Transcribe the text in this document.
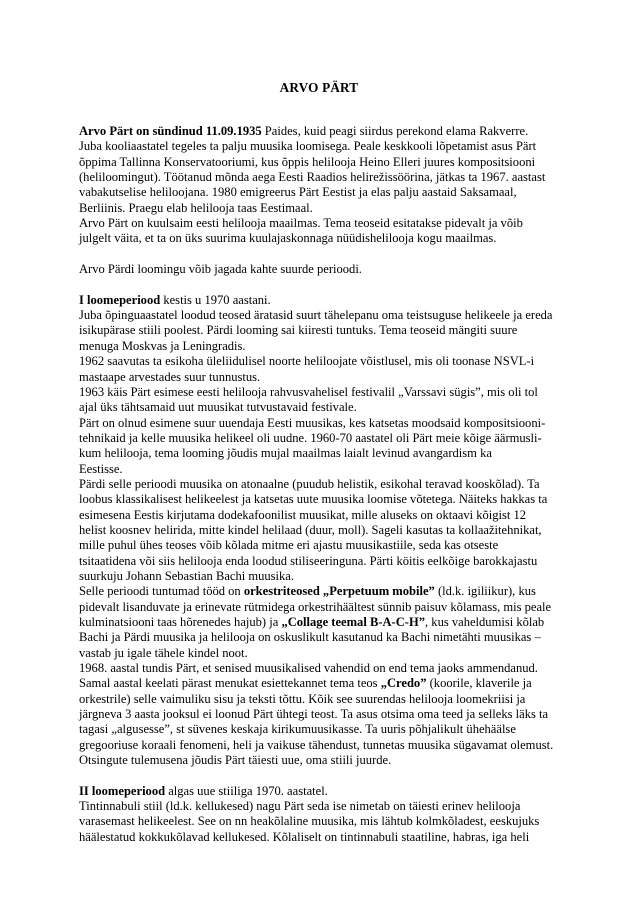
ARVO PÄRT
Arvo Pärt on sündinud 11.09.1935 Paides, kuid peagi siirdus perekond elama Rakverre.
Juba kooliaastatel tegeles ta palju muusika loomisega. Peale keskkooli lõpetamist asus Pärt
õppima Tallinna Konservatooriumi, kus õppis helilooja Heino Elleri juures kompositsiooni
(heliloomingut). Töötanud mõnda aega Eesti Raadios helirežissöörina, jätkas ta 1967. aastast
vabakutselise heliloojana. 1980 emigreerus Pärt Eestist ja elas palju aastaid Saksamaal,
Berliinis. Praegu elab helilooja taas Eestimaal.
Arvo Pärt on kuulsaim eesti helilooja maailmas. Tema teoseid esitatakse pidevalt ja võib
julgelt väita, et ta on üks suurima kuulajaskonnaga nüüdisheliloojа kogu maailmas.
Arvo Pärdi loomingu võib jagada kahte suurde perioodi.
I loomeperiood kestis u 1970 aastani.
Juba õpinguaastatel loodud teosed äratasid suurt tähelepanu oma teistsuguse helikeele ja ereda
isikupärase stiili poolest. Pärdi looming sai kiiresti tuntuks. Tema teoseid mängiti suure
menuga Moskvas ja Leningradis.
1962 saavutas ta esikoha üleliidulisel noorte heliloojate võistlusel, mis oli toonase NSVL-i
mastaape arvestades suur tunnustus.
1963 käis Pärt esimese eesti helilooja rahvusvahelisel festivalil „Varssavi sügis”, mis oli tol
ajal üks tähtsamaid uut muusikat tutvustavaid festivale.
Pärt on olnud esimene suur uuendaja Eesti muusikas, kes katsetas moodsaid kompositsiooni-
tehnikaid ja kelle muusika helikeel oli uudne. 1960-70 aastatel oli Pärt meie kõige äärmusli-
kum helilooja, tema looming jõudis mujal maailmas laialt levinud avangardism ka
Eestisse.
Pärdi selle perioodi muusika on atonaalne (puudub helistik, esikohal teravad kooskõlad). Ta
loobus klassikalisest helikeelest ja katsetas uute muusika loomise võtetega. Näiteks hakkas ta
esimesena Eestis kirjutama dodekafoonilist muusikat, mille aluseks on oktaavi kõigist 12
helist koosnev helirida, mitte kindel helilaad (duur, moll). Sageli kasutas ta kollaažitehnikat,
mille puhul ühes teoses võib kõlada mitme eri ajastu muusikastiile, seda kas otseste
tsitaatidena või siis helilooja enda loodud stiliseeringuna. Pärti köitis eelkõige barokkajastu
suurkuju Johann Sebastian Bachi muusika.
Selle perioodi tuntumad tööd on orkestriteosed „Perpetuum mobile” (ld.k. igiliikur), kus
pidevalt lisanduvate ja erinevate rütmidega orkestrihäältest sünnib paisuv kõlamass, mis peale
kulminatsiooni taas hõrenedes hajub) ja „Collage teemal B-A-C-H”, kus vaheldumisi kõlab
Bachi ja Pärdi muusika ja helilooja on oskuslikult kasutanud ka Bachi nimetähti muusikas –
vastab ju igale tähele kindel noot.
1968. aastal tundis Pärt, et senised muusikalised vahendid on end tema jaoks ammendanud.
Samal aastal keelati pärast menukat esiettekannet tema teos „Credo” (koorile, klaverile ja
orkestrile) selle vaimuliku sisu ja teksti tõttu. Kõik see suurendas helilooja loomekriisi ja
järgneva 3 aasta jooksul ei loonud Pärt ühtegi teost. Ta asus otsima oma teed ja selleks läks ta
tagasi „algusesse”, st süvenes keskaja kirikumuusikasse. Ta uuris põhjalikult ühehäälse
gregooriuse koraali fenomeni, heli ja vaikuse tähendust, tunnetas muusika sügavamat olemust.
Otsingute tulemusena jõudis Pärt täiesti uue, oma stiili juurde.
II loomeperiood algas uue stiiliga 1970. aastatel.
Tintinnabuli stiil (ld.k. kellukesed) nagu Pärt seda ise nimetab on täiesti erinev helilooja
varasemast helikeelest. See on nn heakõlaline muusika, mis lähtub kolmkõladest, eeskujuks
häälestatud kokkukõlavad kellukesed. Kõlaliselt on tintinnabuli staatiline, habras, iga heli
